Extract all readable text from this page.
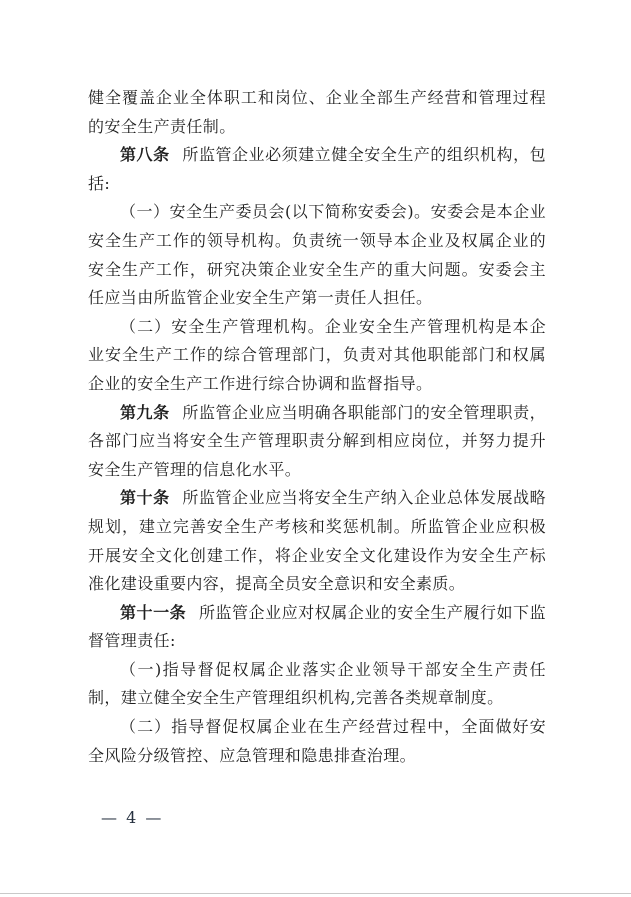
健全覆盖企业全体职工和岗位、企业全部生产经营和管理过程的安全生产责任制。

第八条 所监管企业必须建立健全安全生产的组织机构，包括:

（一）安全生产委员会(以下简称安委会)。安委会是本企业安全生产工作的领导机构。负责统一领导本企业及权属企业的安全生产工作，研究决策企业安全生产的重大问题。安委会主任应当由所监管企业安全生产第一责任人担任。

（二）安全生产管理机构。企业安全生产管理机构是本企业安全生产工作的综合管理部门，负责对其他职能部门和权属企业的安全生产工作进行综合协调和监督指导。

第九条 所监管企业应当明确各职能部门的安全管理职责，各部门应当将安全生产管理职责分解到相应岗位，并努力提升安全生产管理的信息化水平。

第十条 所监管企业应当将安全生产纳入企业总体发展战略规划，建立完善安全生产考核和奖惩机制。所监管企业应积极开展安全文化创建工作，将企业安全文化建设作为安全生产标准化建设重要内容，提高全员安全意识和安全素质。

第十一条 所监管企业应对权属企业的安全生产履行如下监督管理责任:

（一)指导督促权属企业落实企业领导干部安全生产责任制，建立健全安全生产管理组织机构,完善各类规章制度。

（二）指导督促权属企业在生产经营过程中，全面做好安全风险分级管控、应急管理和隐患排查治理。

— 4 —
